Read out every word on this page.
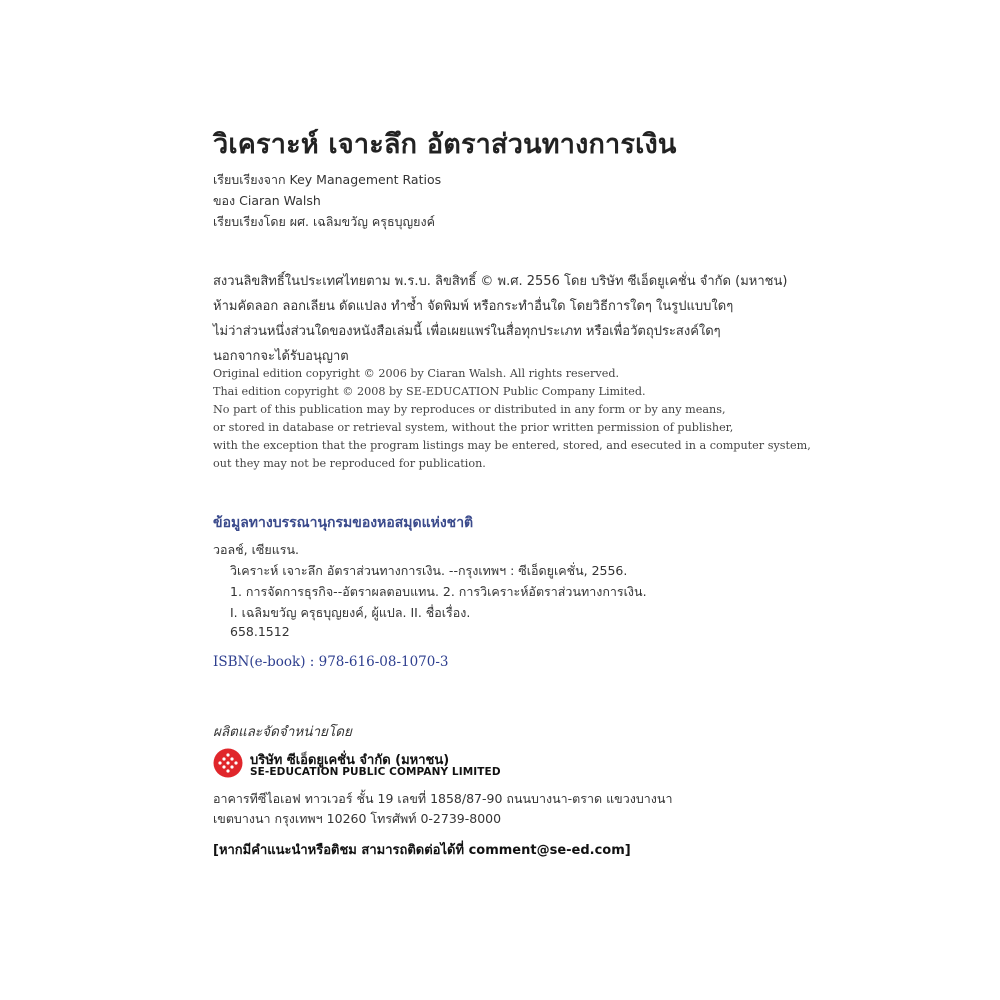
วิเคราะห์ เจาะลึก อัตราส่วนทางการเงิน
เรียบเรียงจาก Key Management Ratios
ของ Ciaran Walsh
เรียบเรียงโดย ผศ. เฉลิมขวัญ ครุธบุญยงค์
สงวนลิขสิทธิ์ในประเทศไทยตาม พ.ร.บ. ลิขสิทธิ์ © พ.ศ. 2556 โดย บริษัท ซีเอ็ดยูเคชั่น จำกัด (มหาชน)
ห้ามคัดลอก ลอกเลียน ดัดแปลง ทำซ้ำ จัดพิมพ์ หรือกระทำอื่นใด โดยวิธีการใดๆ ในรูปแบบใดๆ
ไม่ว่าส่วนหนึ่งส่วนใดของหนังสือเล่มนี้ เพื่อเผยแพร่ในสื่อทุกประเภท หรือเพื่อวัตถุประสงค์ใดๆ
นอกจากจะได้รับอนุญาต
Original edition copyright © 2006 by Ciaran Walsh. All rights reserved.
Thai edition copyright © 2008 by SE-EDUCATION Public Company Limited.
No part of this publication may by reproduces or distributed in any form or by any means,
or stored in database or retrieval system, without the prior written permission of publisher,
with the exception that the program listings may be entered, stored, and esecuted in a computer system,
out they may not be reproduced for publication.
ข้อมูลทางบรรณานุกรมของหอสมุดแห่งชาติ
วอลช์, เซียแรน.
วิเคราะห์ เจาะลึก อัตราส่วนทางการเงิน. --กรุงเทพฯ : ซีเอ็ดยูเคชั่น, 2556.
1. การจัดการธุรกิจ--อัตราผลตอบแทน. 2. การวิเคราะห์อัตราส่วนทางการเงิน.
I. เฉลิมขวัญ ครุธบุญยงค์, ผู้แปล. II. ชื่อเรื่อง.
658.1512
ISBN(e-book) : 978-616-08-1070-3
ผลิตและจัดจำหน่ายโดย
บริษัท ซีเอ็ดยูเคชั่น จำกัด (มหาชน)
SE-EDUCATION PUBLIC COMPANY LIMITED
อาคารทีซีไอเอฟ ทาวเวอร์ ชั้น 19 เลขที่ 1858/87-90 ถนนบางนา-ตราด แขวงบางนา
เขตบางนา กรุงเทพฯ 10260 โทรศัพท์ 0-2739-8000
[หากมีคำแนะนำหรือติชม สามารถติดต่อได้ที่ comment@se-ed.com]
